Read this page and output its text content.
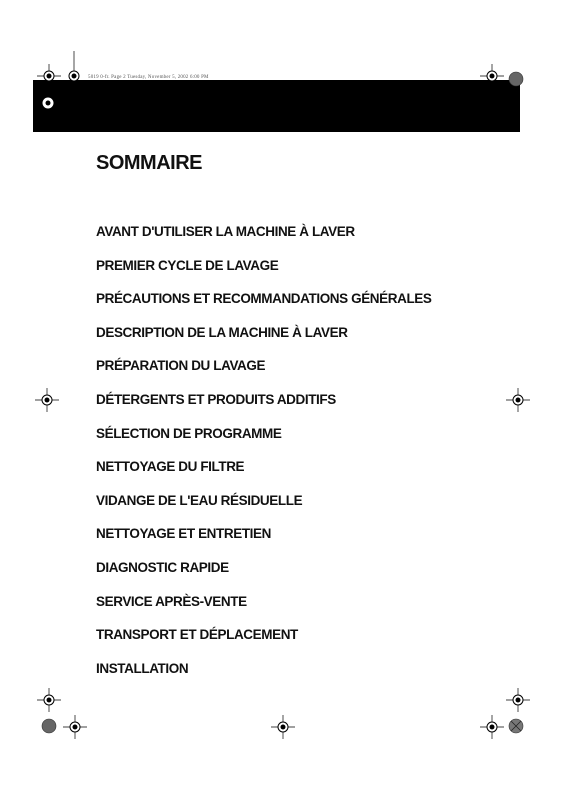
5019 0-fr. Page 2 Tuesday, November 5, 2002 6:00 PM
SOMMAIRE
AVANT D'UTILISER LA MACHINE À LAVER
PREMIER CYCLE DE LAVAGE
PRÉCAUTIONS ET RECOMMANDATIONS GÉNÉRALES
DESCRIPTION DE LA MACHINE À LAVER
PRÉPARATION DU LAVAGE
DÉTERGENTS ET PRODUITS ADDITIFS
SÉLECTION DE PROGRAMME
NETTOYAGE DU FILTRE
VIDANGE DE L'EAU RÉSIDUELLE
NETTOYAGE ET ENTRETIEN
DIAGNOSTIC RAPIDE
SERVICE APRÈS-VENTE
TRANSPORT ET DÉPLACEMENT
INSTALLATION
